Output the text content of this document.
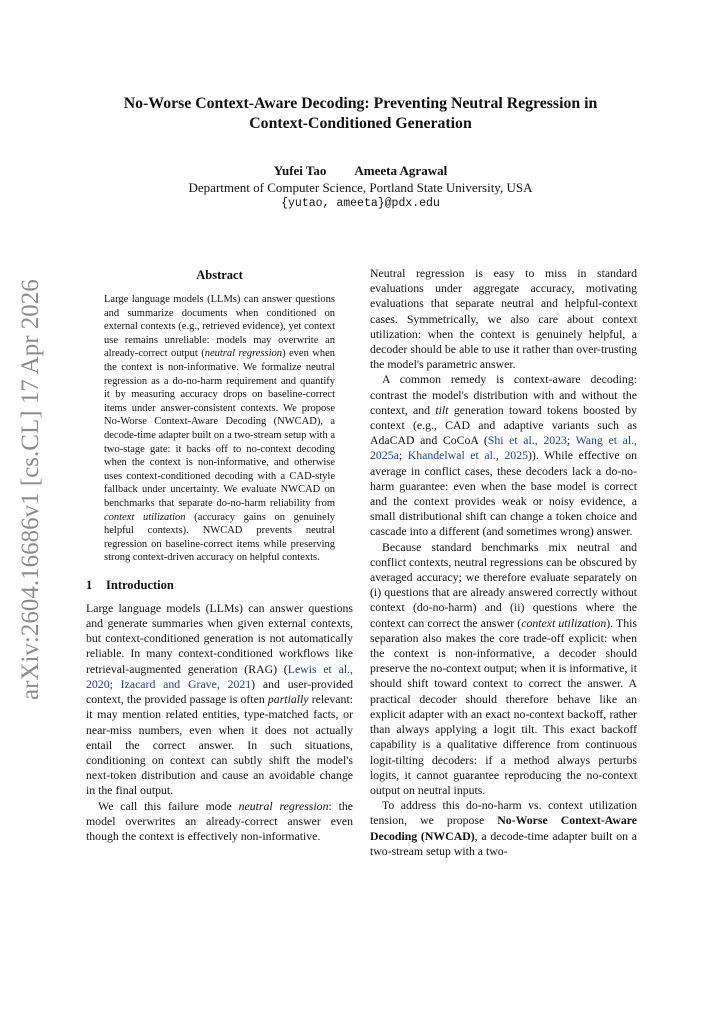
arXiv:2604.16686v1 [cs.CL] 17 Apr 2026
No-Worse Context-Aware Decoding: Preventing Neutral Regression in
Context-Conditioned Generation
Yufei Tao Ameeta Agrawal
Department of Computer Science, Portland State University, USA
{yutao, ameeta}@pdx.edu
Abstract

Large language models (LLMs) can answer questions and summarize documents when conditioned on external contexts (e.g., retrieved evidence), yet context use remains unreliable: models may overwrite an already-correct output (neutral regression) even when the context is non-informative. We formalize neutral regression as a do-no-harm requirement and quantify it by measuring accuracy drops on baseline-correct items under answer-consistent contexts. We propose No-Worse Context-Aware Decoding (NWCAD), a decode-time adapter built on a two-stream setup with a two-stage gate: it backs off to no-context decoding when the context is non-informative, and otherwise uses context-conditioned decoding with a CAD-style fallback under uncertainty. We evaluate NWCAD on benchmarks that separate do-no-harm reliability from context utilization (accuracy gains on genuinely helpful contexts). NWCAD prevents neutral regression on baseline-correct items while preserving strong context-driven accuracy on helpful contexts.

1 Introduction

Large language models (LLMs) can answer questions and generate summaries when given external contexts, but context-conditioned generation is not automatically reliable. In many context-conditioned workflows like retrieval-augmented generation (RAG) (Lewis et al., 2020; Izacard and Grave, 2021) and user-provided context, the provided passage is often partially relevant: it may mention related entities, type-matched facts, or near-miss numbers, even when it does not actually entail the correct answer. In such situations, conditioning on context can subtly shift the model's next-token distribution and cause an avoidable change in the final output.

We call this failure mode neutral regression: the model overwrites an already-correct answer even though the context is effectively non-informative.

Neutral regression is easy to miss in standard evaluations under aggregate accuracy, motivating evaluations that separate neutral and helpful-context cases. Symmetrically, we also care about context utilization: when the context is genuinely helpful, a decoder should be able to use it rather than over-trusting the model's parametric answer.

A common remedy is context-aware decoding: contrast the model's distribution with and without the context, and tilt generation toward tokens boosted by context (e.g., CAD and adaptive variants such as AdaCAD and CoCoA (Shi et al., 2023; Wang et al., 2025a; Khandelwal et al., 2025)). While effective on average in conflict cases, these decoders lack a do-no-harm guarantee: even when the base model is correct and the context provides weak or noisy evidence, a small distributional shift can change a token choice and cascade into a different (and sometimes wrong) answer.

Because standard benchmarks mix neutral and conflict contexts, neutral regressions can be obscured by averaged accuracy; we therefore evaluate separately on (i) questions that are already answered correctly without context (do-no-harm) and (ii) questions where the context can correct the answer (context utilization). This separation also makes the core trade-off explicit: when the context is non-informative, a decoder should preserve the no-context output; when it is informative, it should shift toward context to correct the answer. A practical decoder should therefore behave like an explicit adapter with an exact no-context backoff, rather than always applying a logit tilt. This exact backoff capability is a qualitative difference from continuous logit-tilting decoders: if a method always perturbs logits, it cannot guarantee reproducing the no-context output on neutral inputs.

To address this do-no-harm vs. context utilization tension, we propose No-Worse Context-Aware Decoding (NWCAD), a decode-time adapter built on a two-stream setup with a two-
